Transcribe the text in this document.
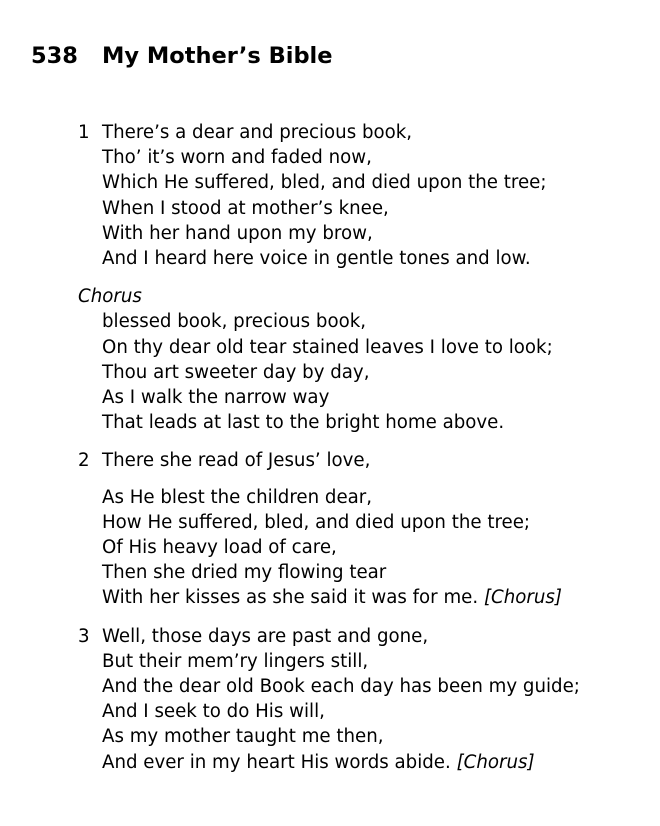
538 My Mother’s Bible
1 There’s a dear and precious book,
Tho’ it’s worn and faded now,
Which He suffered, bled, and died upon the tree;
When I stood at mother’s knee,
With her hand upon my brow,
And I heard here voice in gentle tones and low.
Chorus
blessed book, precious book,
On thy dear old tear stained leaves I love to look;
Thou art sweeter day by day,
As I walk the narrow way
That leads at last to the bright home above.
2 There she read of Jesus’ love,
As He blest the children dear,
How He suffered, bled, and died upon the tree;
Of His heavy load of care,
Then she dried my flowing tear
With her kisses as she said it was for me. [Chorus]
3 Well, those days are past and gone,
But their mem’ry lingers still,
And the dear old Book each day has been my guide;
And I seek to do His will,
As my mother taught me then,
And ever in my heart His words abide. [Chorus]
